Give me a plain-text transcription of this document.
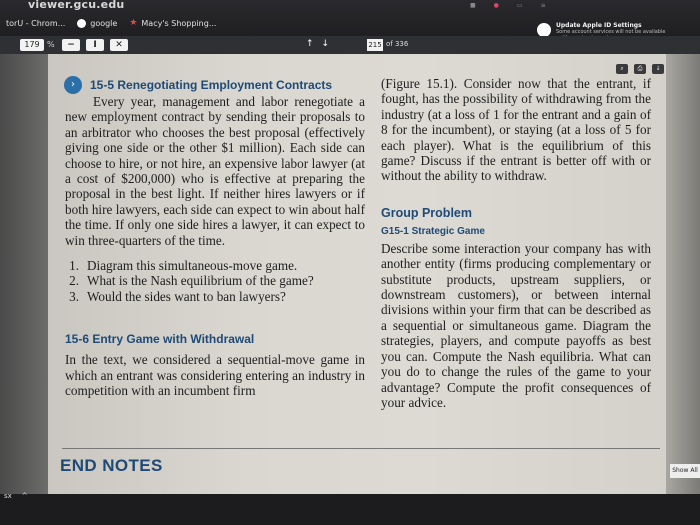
viewer.gcu.edu	■	●	▭	≡
torU - Chrom...	google ★ Macy's Shopping...	Update Apple ID Settings
Some account services will not be available
179 %	−	I	✕	↑ ↓	215 of 336
⌕	⎙	↓
›	15-5 Renegotiating Employment Contracts
Every year, management and labor renegotiate a new employment contract by sending their proposals to an arbitrator who chooses the best proposal (effectively giving one side or the other $1 million). Each side can choose to hire, or not hire, an expensive labor lawyer (at a cost of $200,000) who is effective at preparing the proposal in the best light. If neither hires lawyers or if both hire lawyers, each side can expect to win about half the time. If only one side hires a lawyer, it can expect to win three-quarters of the time.
1. Diagram this simultaneous-move game.
2. What is the Nash equilibrium of the game?
3. Would the sides want to ban lawyers?
15-6 Entry Game with Withdrawal
In the text, we considered a sequential-move game in which an entrant was considering entering an industry in competition with an incumbent firm
(Figure 15.1). Consider now that the entrant, if fought, has the possibility of withdrawing from the industry (at a loss of 1 for the entrant and a gain of 8 for the incumbent), or staying (at a loss of 5 for each player). What is the equilibrium of this game? Discuss if the entrant is better off with or without the ability to withdraw.
Group Problem
G15-1 Strategic Game
Describe some interaction your company has with another entity (firms producing complementary or substitute products, upstream suppliers, or downstream customers), or between internal divisions within your firm that can be described as a sequential or simultaneous game. Diagram the strategies, players, and compute payoffs as best you can. Compute the Nash equilibria. What can you do to change the rules of the game to your advantage? Compute the profit consequences of your advice.
END NOTES	Show All
sx ^
